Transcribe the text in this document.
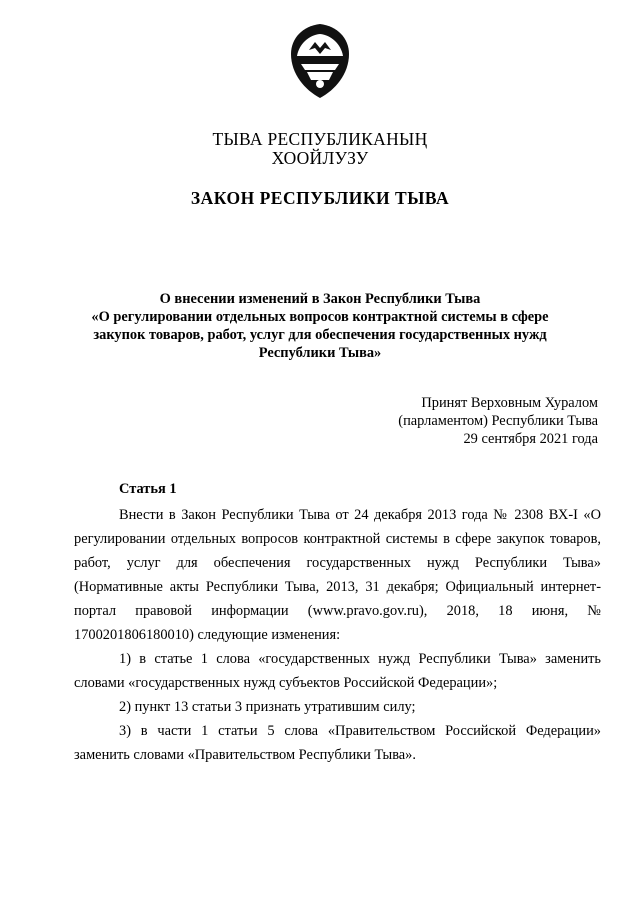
ТЫВА РЕСПУБЛИКАНЫҢ
ХООЙЛУЗУ
ЗАКОН РЕСПУБЛИКИ ТЫВА
О внесении изменений в Закон Республики Тыва
«О регулировании отдельных вопросов контрактной системы в сфере
закупок товаров, работ, услуг для обеспечения государственных нужд
Республики Тыва»
Принят Верховным Хуралом
(парламентом) Республики Тыва
29 сентября 2021 года
Статья 1

Внести в Закон Республики Тыва от 24 декабря 2013 года № 2308 ВХ-I «О регулировании отдельных вопросов контрактной системы в сфере закупок товаров, работ, услуг для обеспечения государственных нужд Республики Тыва» (Нормативные акты Республики Тыва, 2013, 31 декабря; Официальный интернет-портал правовой информации (www.pravo.gov.ru), 2018, 18 июня, № 1700201806180010) следующие изменения:

1) в статье 1 слова «государственных нужд Республики Тыва» заменить словами «государственных нужд субъектов Российской Федерации»;

2) пункт 13 статьи 3 признать утратившим силу;

3) в части 1 статьи 5 слова «Правительством Российской Федерации» заменить словами «Правительством Республики Тыва».
